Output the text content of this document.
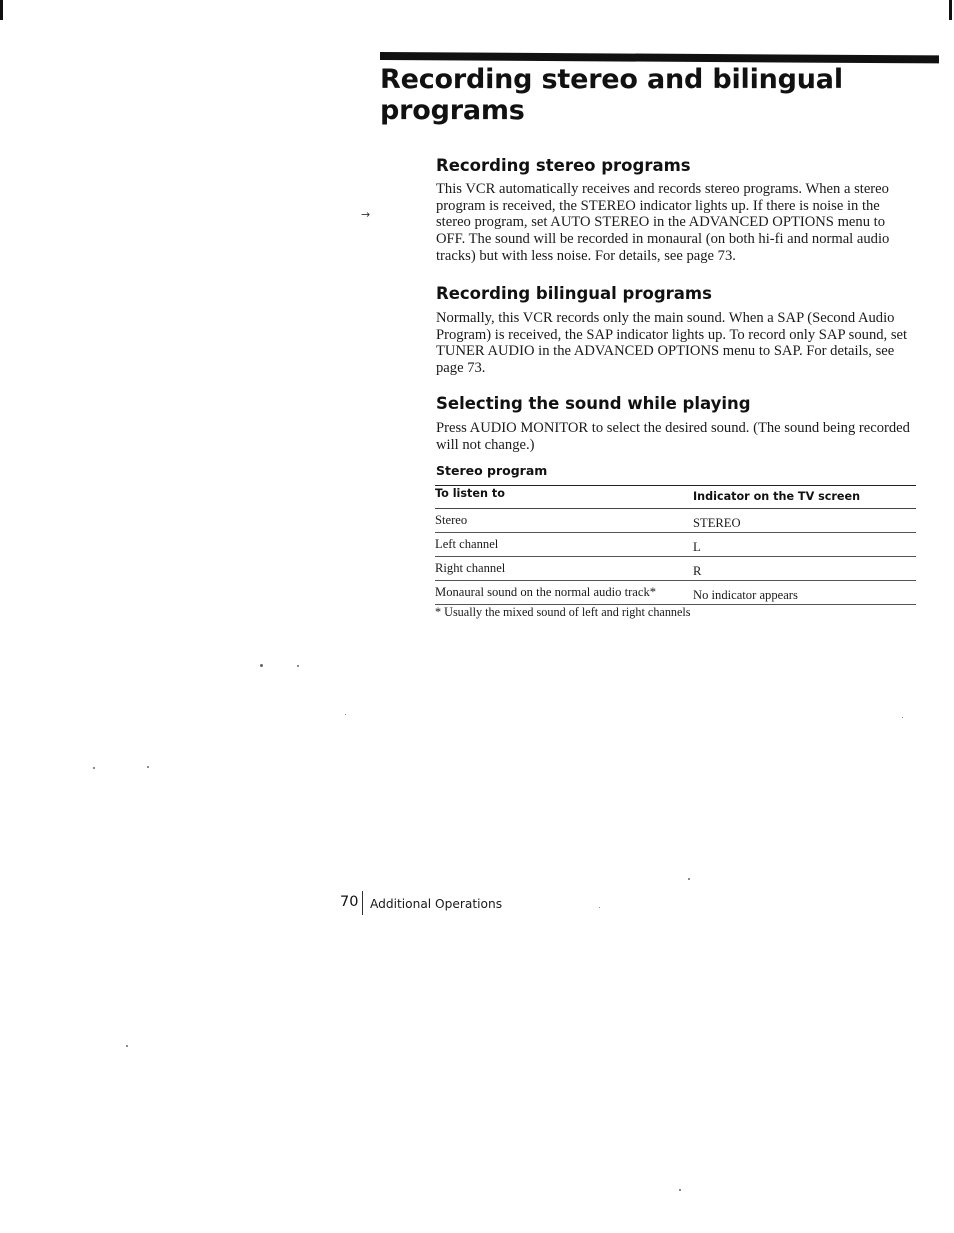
Recording stereo and bilingual programs
→
Recording stereo programs

This VCR automatically receives and records stereo programs. When a stereo program is received, the STEREO indicator lights up. If there is noise in the stereo program, set AUTO STEREO in the ADVANCED OPTIONS menu to OFF. The sound will be recorded in monaural (on both hi-fi and normal audio tracks) but with less noise. For details, see page 73.

Recording bilingual programs

Normally, this VCR records only the main sound. When a SAP (Second Audio Program) is received, the SAP indicator lights up. To record only SAP sound, set TUNER AUDIO in the ADVANCED OPTIONS menu to SAP. For details, see page 73.

Selecting the sound while playing

Press AUDIO MONITOR to select the desired sound. (The sound being recorded will not change.)

Stereo program
To listen to	Indicator on the TV screen
Stereo	STEREO
Left channel	L
Right channel	R
Monaural sound on the normal audio track*	No indicator appears

* Usually the mixed sound of left and right channels

70 Additional Operations
